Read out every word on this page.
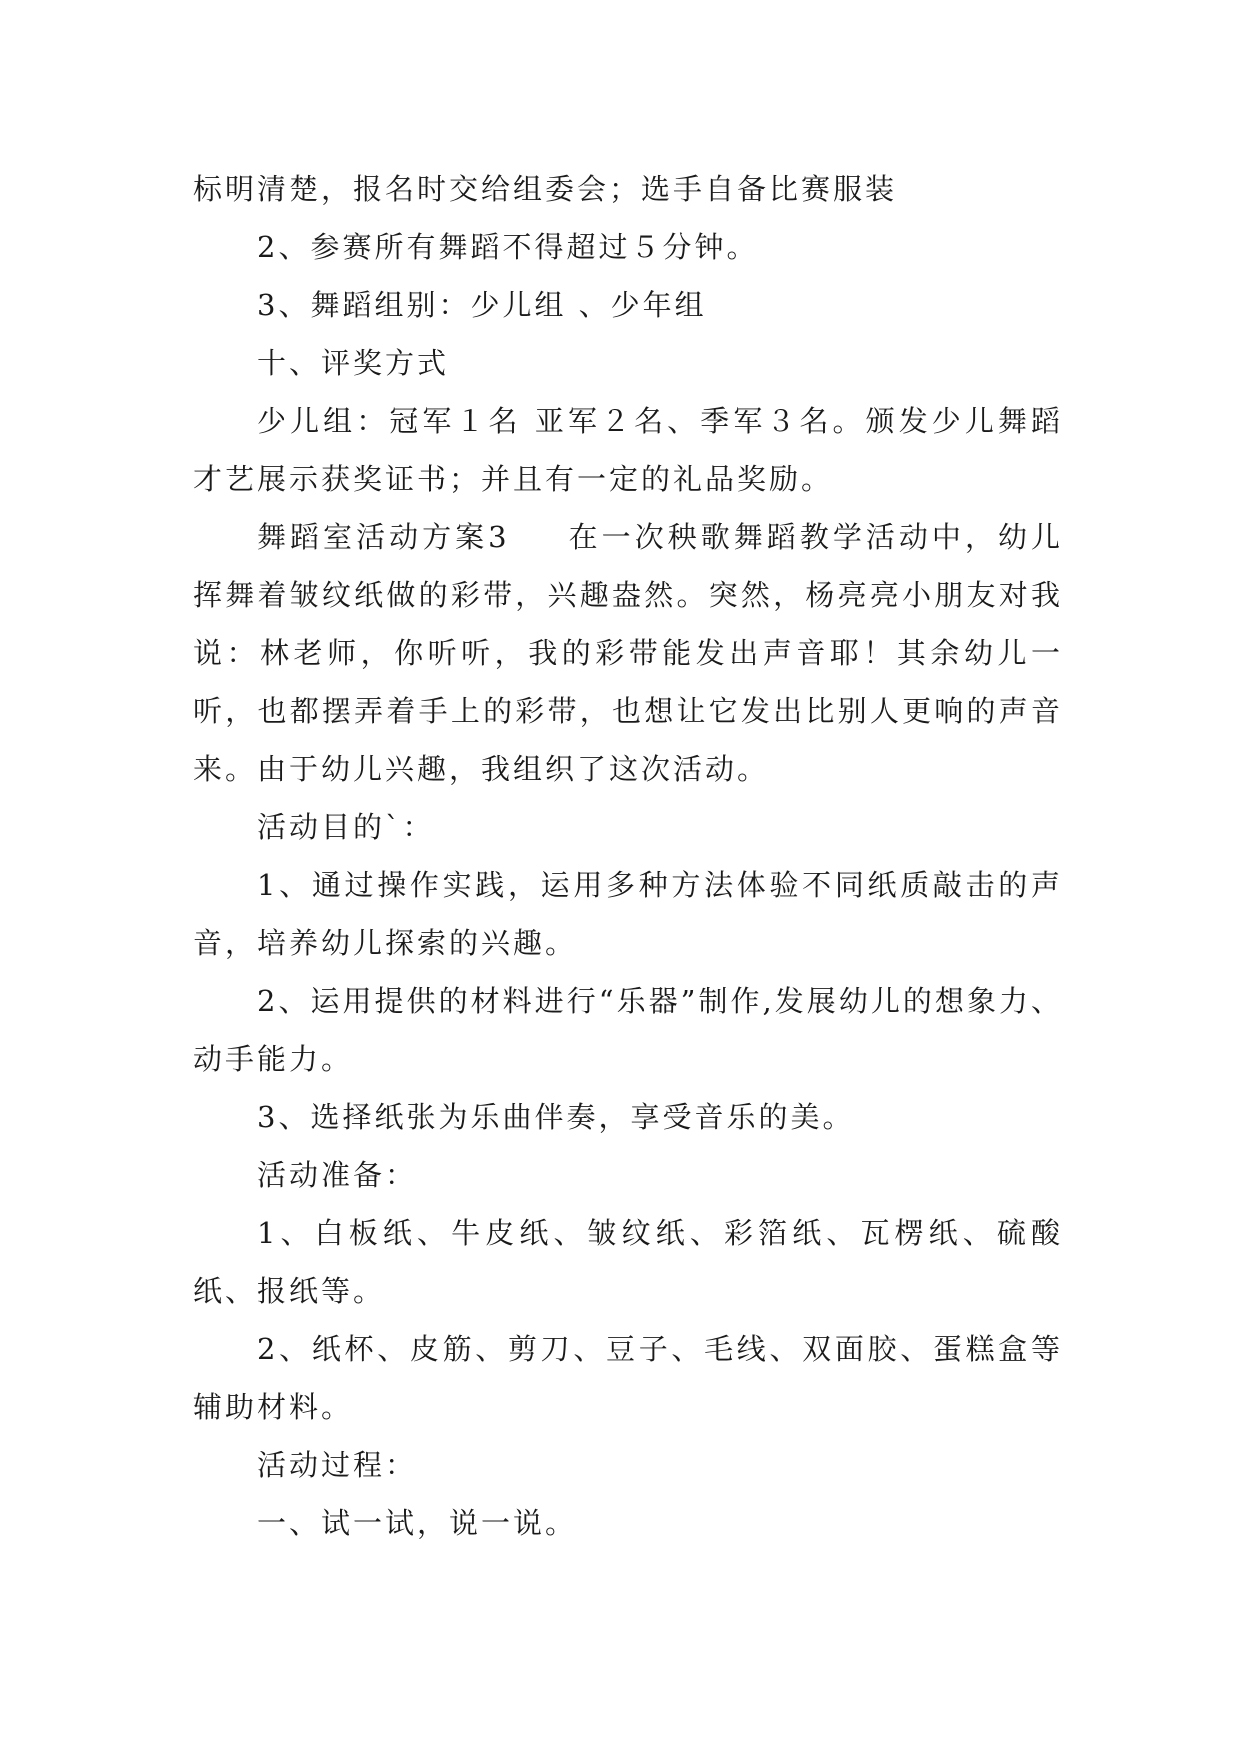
标明清楚，报名时交给组委会；选手自备比赛服装

2、参赛所有舞蹈不得超过５分钟。

3、舞蹈组别：少儿组 、少年组

十、评奖方式

少儿组：冠军１名 亚军２名、季军３名。颁发少儿舞蹈才艺展示获奖证书；并且有一定的礼品奖励。

舞蹈室活动方案3 在一次秧歌舞蹈教学活动中，幼儿挥舞着皱纹纸做的彩带，兴趣盎然。突然，杨亮亮小朋友对我说：林老师，你听听，我的彩带能发出声音耶！其余幼儿一听，也都摆弄着手上的彩带，也想让它发出比别人更响的声音来。由于幼儿兴趣，我组织了这次活动。

活动目的`：

1、通过操作实践，运用多种方法体验不同纸质敲击的声音，培养幼儿探索的兴趣。

2、运用提供的材料进行“乐器”制作,发展幼儿的想象力、动手能力。

3、选择纸张为乐曲伴奏，享受音乐的美。

活动准备：

1、白板纸、牛皮纸、皱纹纸、彩箔纸、瓦楞纸、硫酸纸、报纸等。

2、纸杯、皮筋、剪刀、豆子、毛线、双面胶、蛋糕盒等辅助材料。

活动过程：

一、试一试，说一说。
